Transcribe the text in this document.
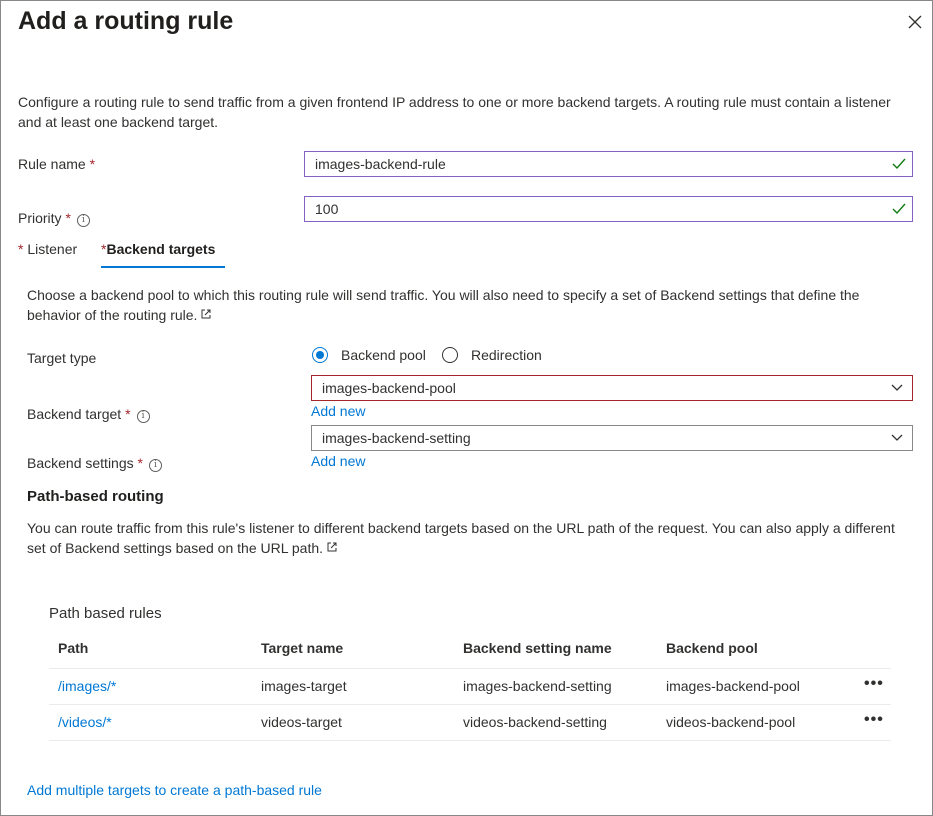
Add a routing rule
Configure a routing rule to send traffic from a given frontend IP address to one or more backend targets. A routing rule must contain a listener and at least one backend target.
Rule name *	images-backend-rule
Priority * i
100
* Listener *Backend targets
Choose a backend pool to which this routing rule will send traffic. You will also need to specify a set of Backend settings that define the behavior of the routing rule.
Target type	Backend pool	Redirection
images-backend-pool
Backend target * i	Add new
images-backend-setting
Backend settings * i	Add new
Path-based routing
You can route traffic from this rule's listener to different backend targets based on the URL path of the request. You can also apply a different set of Backend settings based on the URL path.
Path based rules
Path	Target name	Backend setting name	Backend pool
/images/*	images-target	images-backend-setting	images-backend-pool	•••
/videos/*	videos-target	videos-backend-setting	videos-backend-pool	•••
Add multiple targets to create a path-based rule
